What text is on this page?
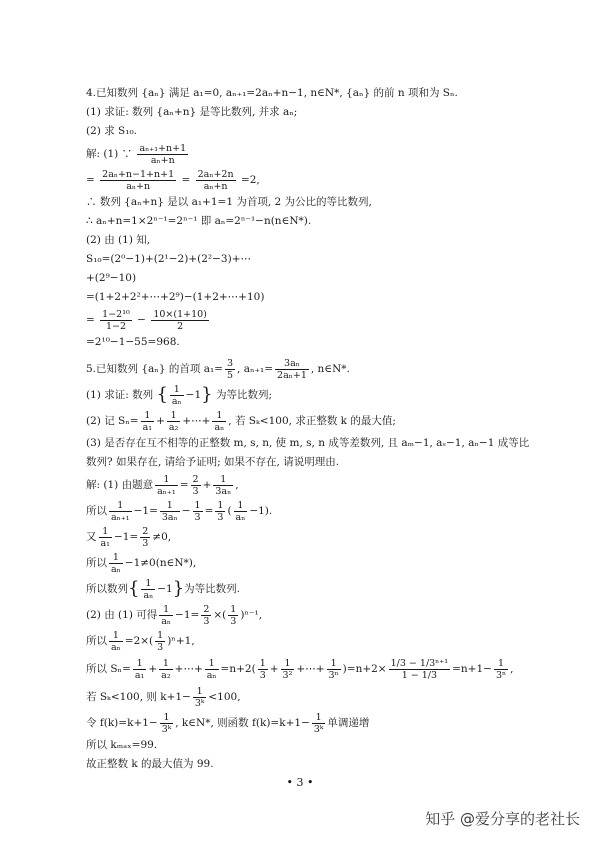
4.已知数列 {aₙ} 满足 a₁=0, aₙ₊₁=2aₙ+n−1, n∈N*, {aₙ} 的前 n 项和为 Sₙ.
(1) 求证: 数列 {aₙ+n} 是等比数列, 并求 aₙ;
(2) 求 S₁₀.
解: (1) ∵ $\frac{\text{aₙ₊₁+n+1}}{\text{aₙ+n}}$
= $\frac{\text{2aₙ+n−1+n+1}}{\text{aₙ+n}} = \frac{\text{2aₙ+2n}}{\text{aₙ+n}} =2$,
∴ 数列 {aₙ+n} 是以 a₁+1=1 为首项, 2 为公比的等比数列,
∴ aₙ+n=1×2ⁿ⁻¹=2ⁿ⁻¹ 即 aₙ=2ⁿ⁻¹−n(n∈N*).
(2) 由 (1) 知,
S₁₀=(2⁰−1)+(2¹−2)+(2²−3)+⋯
+(2⁹−10)
=(1+2+2²+⋯+2⁹)−(1+2+⋯+10)
= $\frac{\text{1−2¹⁰}}{1-2} - \frac{10\times(1+10)}{2}$
=2¹⁰−1−55=968.
5.已知数列 {aₙ} 的首项 $a_1= \frac{3}{5}$ , $a_{n+1}= \frac{\text{3aₙ}}{\text{2aₙ+1}}$ , n∈N*.
(1) 求证: 数列 { $\frac{1}{\text{aₙ}} -1$} 为等比数列;
(2) 记 $S_n= \frac{1}{\text{a₁}} + \frac{1}{\text{a₂}}$ +⋯+ $\frac{1}{\text{aₙ}}$ , 若 Sₖ<100, 求正整数 k 的最大值;
(3) 是否存在互不相等的正整数 m, s, n, 使 m, s, n 成等差数列, 且 aₘ−1, aₛ−1, aₙ−1 成等比
数列? 如果存在, 请给予证明; 如果不存在, 请说明理由.
解: (1) 由题意 $\frac{1}{\text{aₙ₊₁}} = \frac{2}{3} + \frac{1}{\text{3aₙ}}$ ,
所以 $\frac{1}{\text{aₙ₊₁}} -1= \frac{1}{\text{3aₙ}} - \frac{1}{3} = \frac{1}{3}$ ( $\frac{1}{\text{aₙ}} -1$).
又 $\frac{1}{\text{a₁}} -1= \frac{2}{3} \ne 0$,
所以 $\frac{1}{\text{aₙ}}$ −1≠0(n∈N*),
所以数列{ $\frac{1}{\text{aₙ}} -1$}为等比数列.
(2) 由 (1) 可得 $\frac{1}{\text{aₙ}} -1= \frac{2}{3}$ ×( $\frac{1}{3} )^{n-1}$,
所以 $\frac{1}{\text{aₙ}} =2\times( \frac{1}{3} )^n+1$,
所以 $S_n= \frac{1}{\text{a₁}} + \frac{1}{\text{a₂}}$ +⋯+ $\frac{1}{\text{aₙ}} =n+2( \frac{1}{3} + \frac{1}{\text{3²}}$ +⋯+ $\frac{1}{\text{3ⁿ}} )=n+2\times \frac{\text{1/3 − 1/3ⁿ⁺¹}}{1 - 1/3} =n+1- \frac{1}{\text{3ⁿ}}$ ,
若 Sₖ<100, 则 $k+1- \frac{1}{\text{3ᵏ}} <100$,
令 $f(k)=k+1- \frac{1}{\text{3ᵏ}}$ , k∈N*, 则函数 $f(k)=k+1- \frac{1}{\text{3ᵏ}}$ 单调递增
所以 kₘₐₓ=99.
故正整数 k 的最大值为 99.
• 3 •
知乎 @爱分享的老社长
